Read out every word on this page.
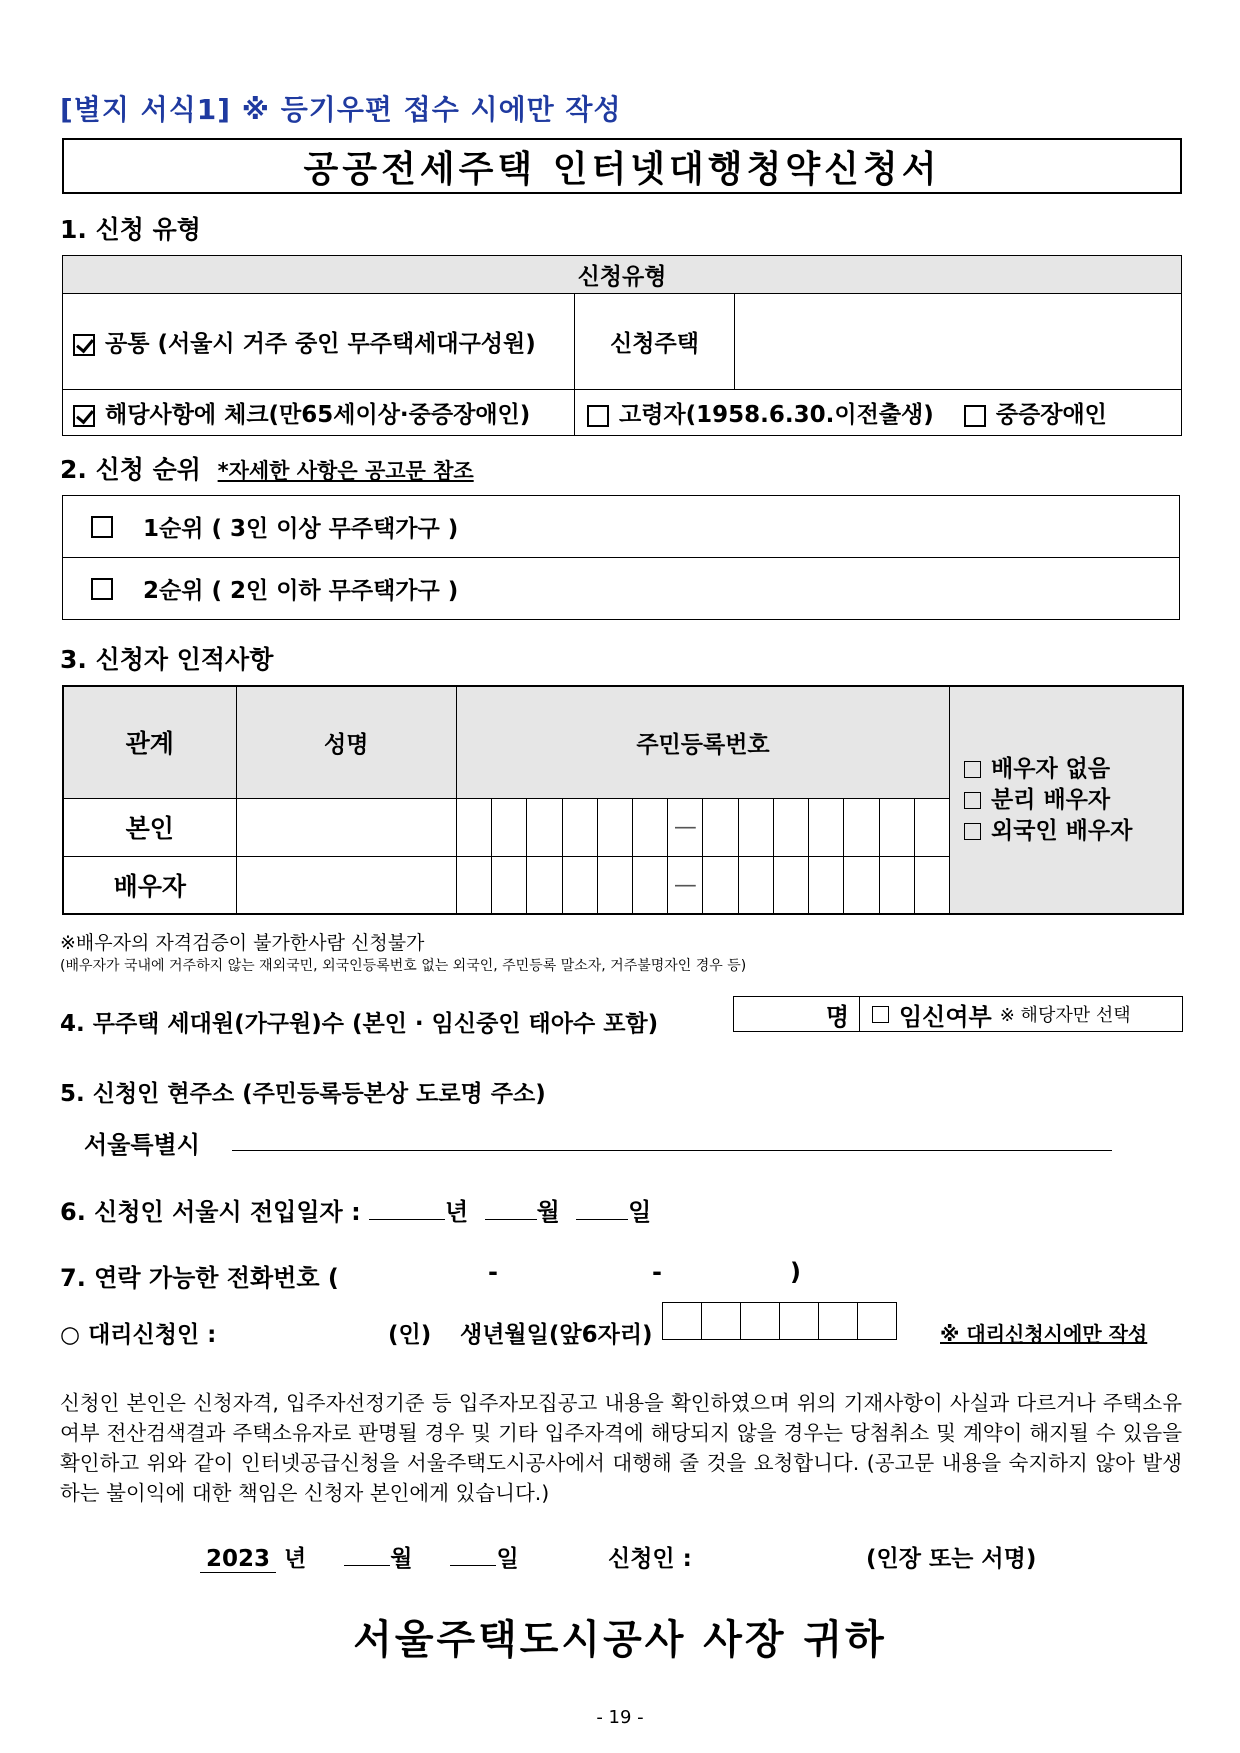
[별지 서식1] ※ 등기우편 접수 시에만 작성
공공전세주택 인터넷대행청약신청서
1. 신청 유형
신청유형		
공통 (서울시 거주 중인 무주택세대구성원)	신청주택	
해당사항에 체크(만65세이상·중증장애인)	고령자(1958.6.30.이전출생) 중증장애인	
2. 신청 순위 *자세한 사항은 공고문 참조
1순위 ( 3인 이상 무주택가구 )
2순위 ( 2인 이하 무주택가구 )
3. 신청자 인적사항
관계	성명	주민등록번호														배우자 없음
분리 배우자
외국인 배우자

본인								—								
배우자								—								
※배우자의 자격검증이 불가한사람 신청불가
(배우자가 국내에 거주하지 않는 재외국민, 외국인등록번호 없는 외국인, 주민등록 말소자, 거주불명자인 경우 등)
4. 무주택 세대원(가구원)수 (본인 · 임신중인 태아수 포함)	명 임신여부 ※ 해당자만 선택
5. 신청인 현주소 (주민등록등본상 도로명 주소)
서울특별시
6. 신청인 서울시 전입일자 :	년	월	일
7. 연락 가능한 전화번호 (	-	-	)
○ 대리신청인 :	(인) 생년월일(앞6자리)	※ 대리신청시에만 작성
신청인 본인은 신청자격, 입주자선정기준 등 입주자모집공고 내용을 확인하였으며 위의 기재사항이 사실과 다르거나 주택소유여부 전산검색결과 주택소유자로 판명될 경우 및 기타 입주자격에 해당되지 않을 경우는 당첨취소 및 계약이 해지될 수 있음을 확인하고 위와 같이 인터넷공급신청을 서울주택도시공사에서 대행해 줄 것을 요청합니다. (공고문 내용을 숙지하지 않아 발생하는 불이익에 대한 책임은 신청자 본인에게 있습니다.)
2023 년	월	일	신청인 :	(인장 또는 서명)
서울주택도시공사 사장 귀하
- 19 -
